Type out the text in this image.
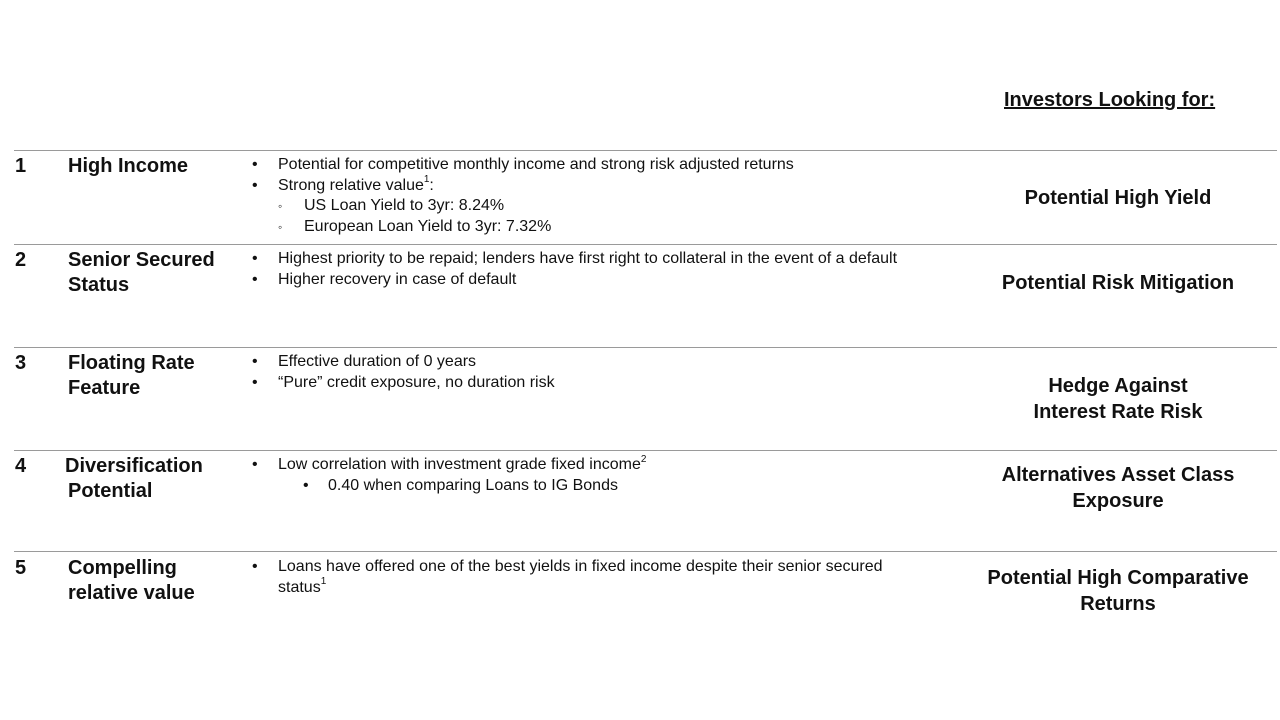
Investors Looking for:
1 High Income
•	Potential for competitive monthly income and strong risk adjusted returns
• Strong relative value$^1$:
◦ US Loan Yield to 3yr: 8.24%
◦ European Loan Yield to 3yr: 7.32%
Potential High Yield
2 Senior Secured
Status
• Highest priority to be repaid; lenders have first right to collateral in the event of a default
• Higher recovery in case of default	Potential Risk Mitigation
3 Floating Rate
Feature
• Effective duration of 0 years
• “Pure” credit exposure, no duration risk	Hedge Against
Interest Rate Risk
4 Diversification
Potential
• Low correlation with investment grade fixed income$^2$
• 0.40 when comparing Loans to IG Bonds	Alternatives Asset Class
Exposure
5 Compelling
relative value
• Loans have offered one of the best yields in fixed income despite their senior secured status$^1$	Potential High Comparative
Returns
